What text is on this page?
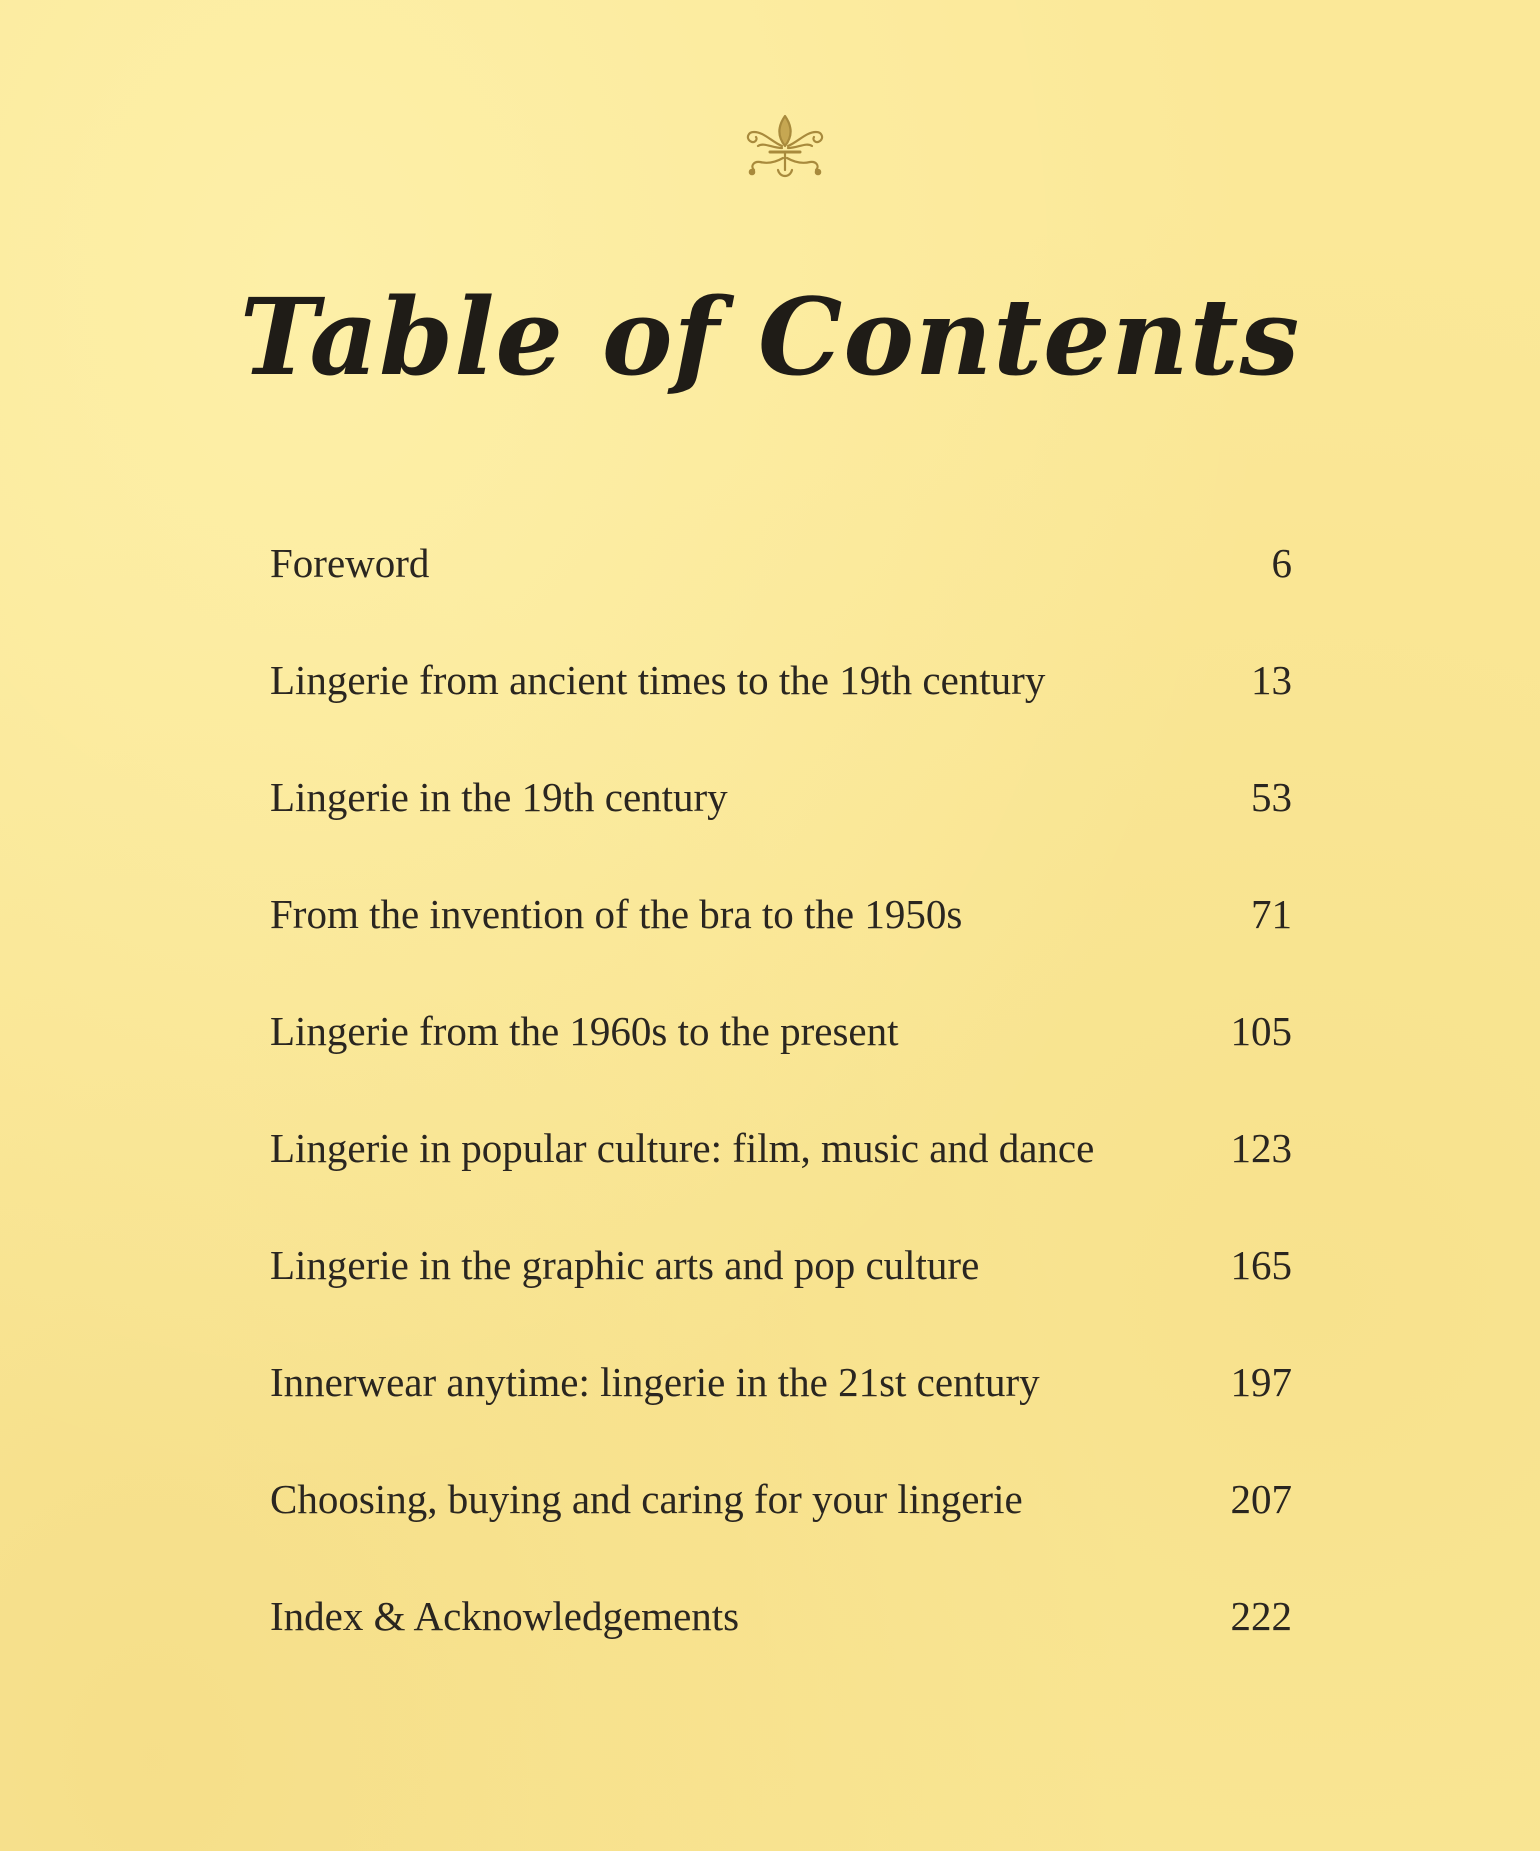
Table of Contents
Foreword	6
Lingerie from ancient times to the 19th century	13
Lingerie in the 19th century	53
From the invention of the bra to the 1950s	71
Lingerie from the 1960s to the present	105
Lingerie in popular culture: film, music and dance	123
Lingerie in the graphic arts and pop culture	165
Innerwear anytime: lingerie in the 21st century	197
Choosing, buying and caring for your lingerie	207
Index & Acknowledgements	222
